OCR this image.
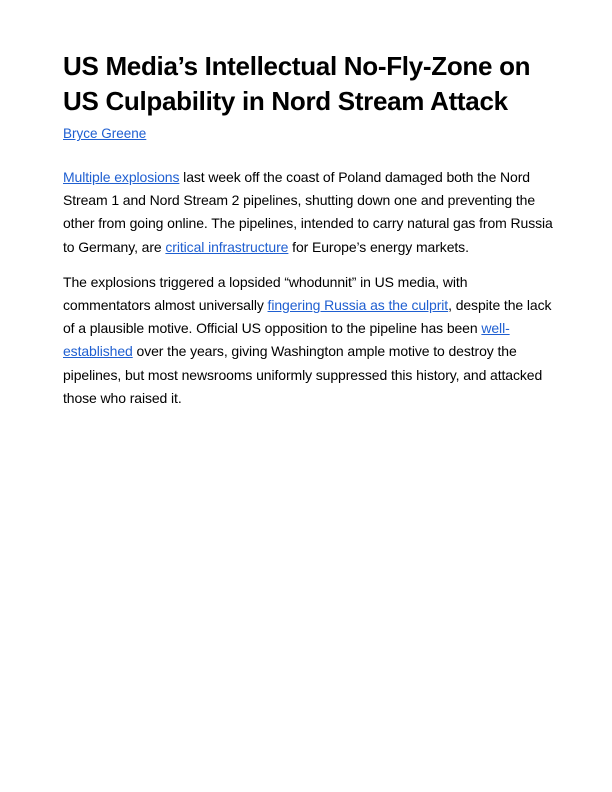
US Media’s Intellectual No-Fly-Zone on US Culpability in Nord Stream Attack
Bryce Greene

Multiple explosions last week off the coast of Poland damaged both the Nord Stream 1 and Nord Stream 2 pipelines, shutting down one and preventing the other from going online. The pipelines, intended to carry natural gas from Russia to Germany, are critical infrastructure for Europe’s energy markets.

The explosions triggered a lopsided “whodunnit” in US media, with commentators almost universally fingering Russia as the culprit, despite the lack of a plausible motive. Official US opposition to the pipeline has been well-established over the years, giving Washington ample motive to destroy the pipelines, but most newsrooms uniformly suppressed this history, and attacked those who raised it.
